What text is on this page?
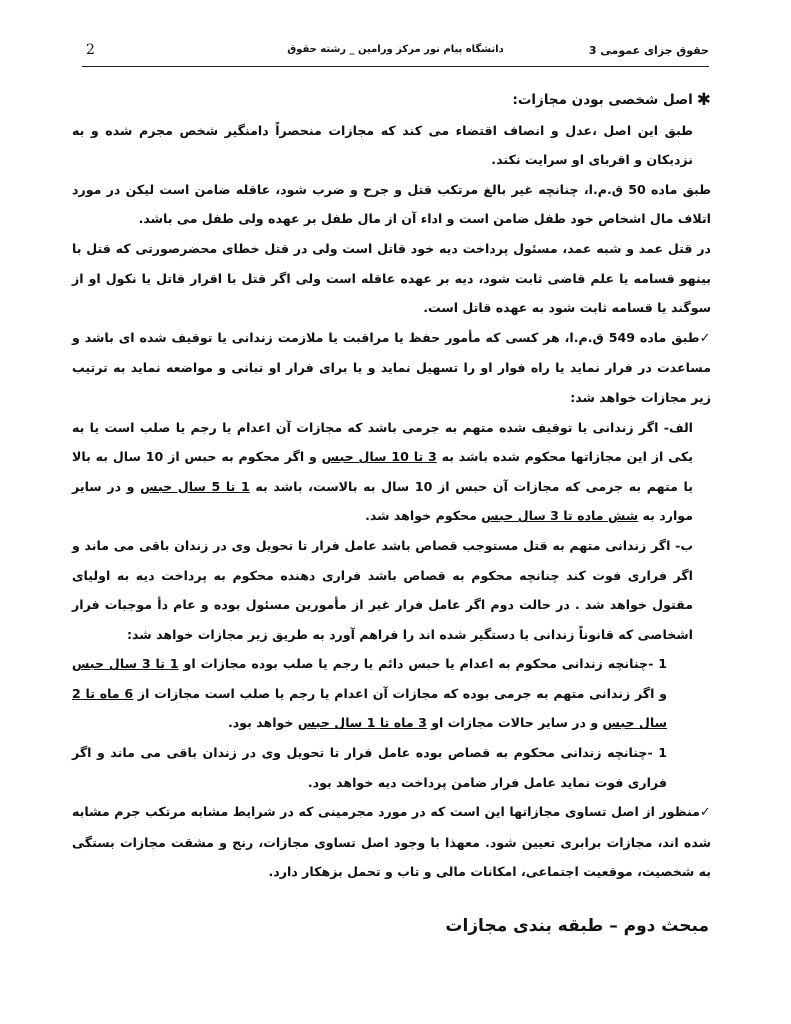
حقوق جزای عمومی 3
دانشگاه پیام نور مرکز ورامین _ رشته حقوق
2

✱
اصل شخصی بودن مجازات:

طبق این اصل ،عدل و انصاف اقتضاء می کند که مجازات منحصراً دامنگیر شخص مجرم شده و به نزدیکان و اقربای او سرایت نکند.

طبق ماده 50 ق.م.ا، چنانچه غیر بالغ مرتکب قتل و جرح و ضرب شود، عاقله ضامن است لیکن در مورد اتلاف مال اشخاص خود طفل ضامن است و اداء آن از مال طفل بر عهده ولی طفل می باشد.

در قتل عمد و شبه عمد، مسئول پرداخت دیه خود قاتل است ولی در قتل خطای محضرصورتی که قتل با بینهو قسامه یا علم قاضی ثابت شود، دیه بر عهده عاقله است ولی اگر قتل با اقرار قاتل یا نکول او از سوگند یا قسامه ثابت شود به عهده قاتل است.

✓طبق ماده 549 ق.م.ا، هر کسی که مأمور حفظ یا مراقبت یا ملازمت زندانی یا توقیف شده ای باشد و مساعدت در فرار نماید یا راه فوار او را تسهیل نماید و یا برای فرار او تبانی و مواضعه نماید به ترتیب زیر مجازات خواهد شد:

الف- اگر زندانی یا توقیف شده متهم به جرمی باشد که مجازات آن اعدام یا رجم یا صلب است یا به یکی از این مجازاتها محکوم شده باشد به 3 تا 10 سال حبس و اگر محکوم به حبس از 10 سال به بالا یا متهم به جرمی که مجازات آن حبس از 10 سال به بالاست، باشد به 1 تا 5 سال حبس و در سایر موارد به شش ماده تا 3 سال حبس محکوم خواهد شد.

ب- اگر زندانی متهم به قتل مستوجب قصاص باشد عامل فرار تا تحویل وی در زندان باقی می ماند و اگر فراری فوت کند چنانچه محکوم به قصاص باشد فراری دهنده محکوم به پرداخت دیه به اولیای مقتول خواهد شد . در حالت دوم اگر عامل فرار غیر از مأمورین مسئول بوده و عام دأ موجبات فرار اشخاصی که قانوناً زندانی یا دستگیر شده اند را فراهم آورد به طریق زیر مجازات خواهد شد:

1 -چنانچه زندانی محکوم به اعدام یا حبس دائم یا رجم یا صلب بوده مجازات او 1 تا 3 سال حبس و اگر زندانی متهم به جرمی بوده که مجازات آن اعدام یا رجم یا صلب است مجازات از 6 ماه تا 2 سال حبس و در سایر حالات مجازات او 3 ماه تا 1 سال حبس خواهد بود.

1 -چنانچه زندانی محکوم به قصاص بوده عامل فرار تا تحویل وی در زندان باقی می ماند و اگر فراری فوت نماید عامل فرار ضامن پرداخت دیه خواهد بود.

✓منظور از اصل تساوی مجازاتها این است که در مورد مجرمینی که در شرایط مشابه مرتکب جرم مشابه شده اند، مجازات برابری تعیین شود. معهذا با وجود اصل تساوی مجازات، رنج و مشقت مجازات بستگی به شخصیت، موقعیت اجتماعی، امکانات مالی و تاب و تحمل بزهکار دارد.

مبحث دوم – طبقه بندی مجازات
